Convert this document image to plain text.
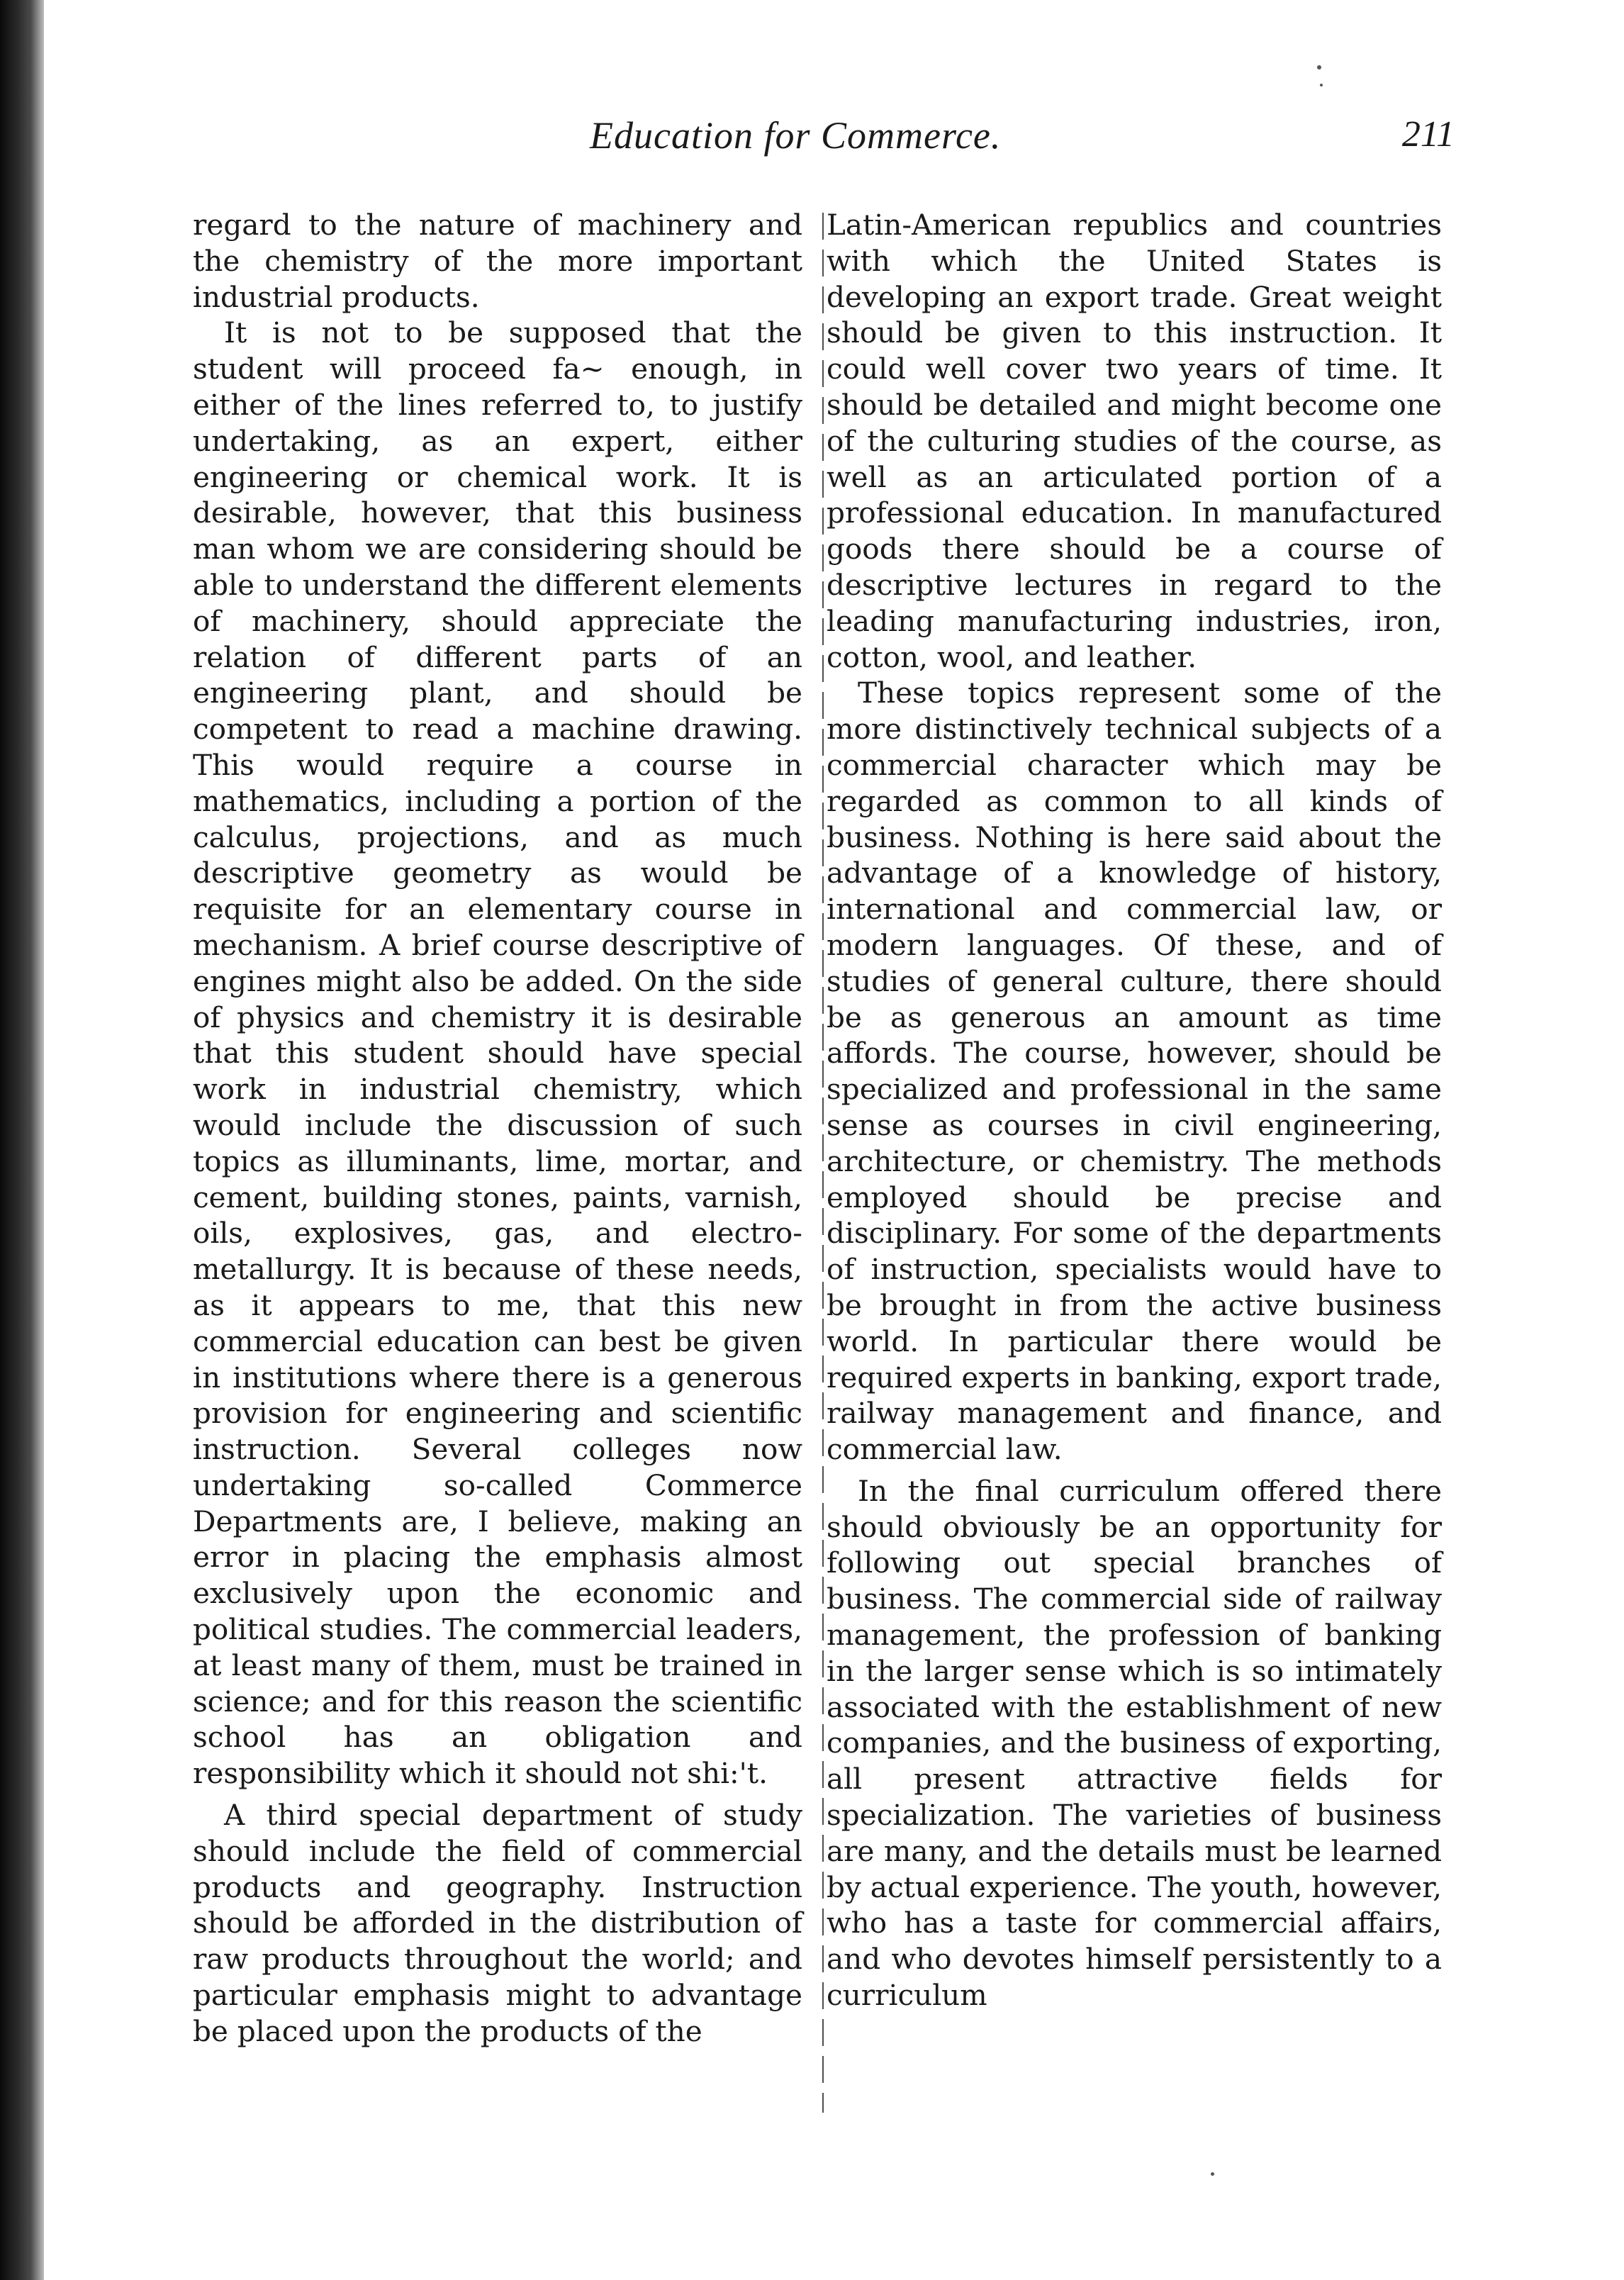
Education for Commerce.	211

regard to the nature of machinery and the chemistry of the more important industrial products.

It is not to be supposed that the student will proceed fa~ enough, in either of the lines referred to, to justify undertaking, as an expert, either engineering or chemical work. It is desirable, however, that this business man whom we are considering should be able to understand the different elements of machinery, should appreciate the relation of different parts of an engineering plant, and should be competent to read a machine drawing. This would require a course in mathematics, including a portion of the calculus, projections, and as much descriptive geometry as would be requisite for an elementary course in mechanism. A brief course descriptive of engines might also be added. On the side of physics and chemistry it is desirable that this student should have special work in industrial chemistry, which would include the discussion of such topics as illuminants, lime, mortar, and cement, building stones, paints, varnish, oils, explosives, gas, and electro-metallurgy. It is because of these needs, as it appears to me, that this new commercial education can best be given in institutions where there is a generous provision for engineering and scientific instruction. Several colleges now undertaking so-called Commerce Departments are, I believe, making an error in placing the emphasis almost exclusively upon the economic and political studies. The commercial leaders, at least many of them, must be trained in science; and for this reason the scientific school has an obligation and responsibility which it should not shi:'t.

A third special department of study should include the field of commercial products and geography. Instruction should be afforded in the distribution of raw products throughout the world; and particular emphasis might to advantage be placed upon the products of the

Latin-American republics and countries with which the United States is developing an export trade. Great weight should be given to this instruction. It could well cover two years of time. It should be detailed and might become one of the culturing studies of the course, as well as an articulated portion of a professional education. In manufactured goods there should be a course of descriptive lectures in regard to the leading manufacturing industries, iron, cotton, wool, and leather.

These topics represent some of the more distinctively technical subjects of a commercial character which may be regarded as common to all kinds of business. Nothing is here said about the advantage of a knowledge of history, international and commercial law, or modern languages. Of these, and of studies of general culture, there should be as generous an amount as time affords. The course, however, should be specialized and professional in the same sense as courses in civil engineering, architecture, or chemistry. The methods employed should be precise and disciplinary. For some of the departments of instruction, specialists would have to be brought in from the active business world. In particular there would be required experts in banking, export trade, railway management and finance, and commercial law.

In the final curriculum offered there should obviously be an opportunity for following out special branches of business. The commercial side of railway management, the profession of banking in the larger sense which is so intimately associated with the establishment of new companies, and the business of exporting, all present attractive fields for specialization. The varieties of business are many, and the details must be learned by actual experience. The youth, however, who has a taste for commercial affairs, and who devotes himself persistently to a curriculum
